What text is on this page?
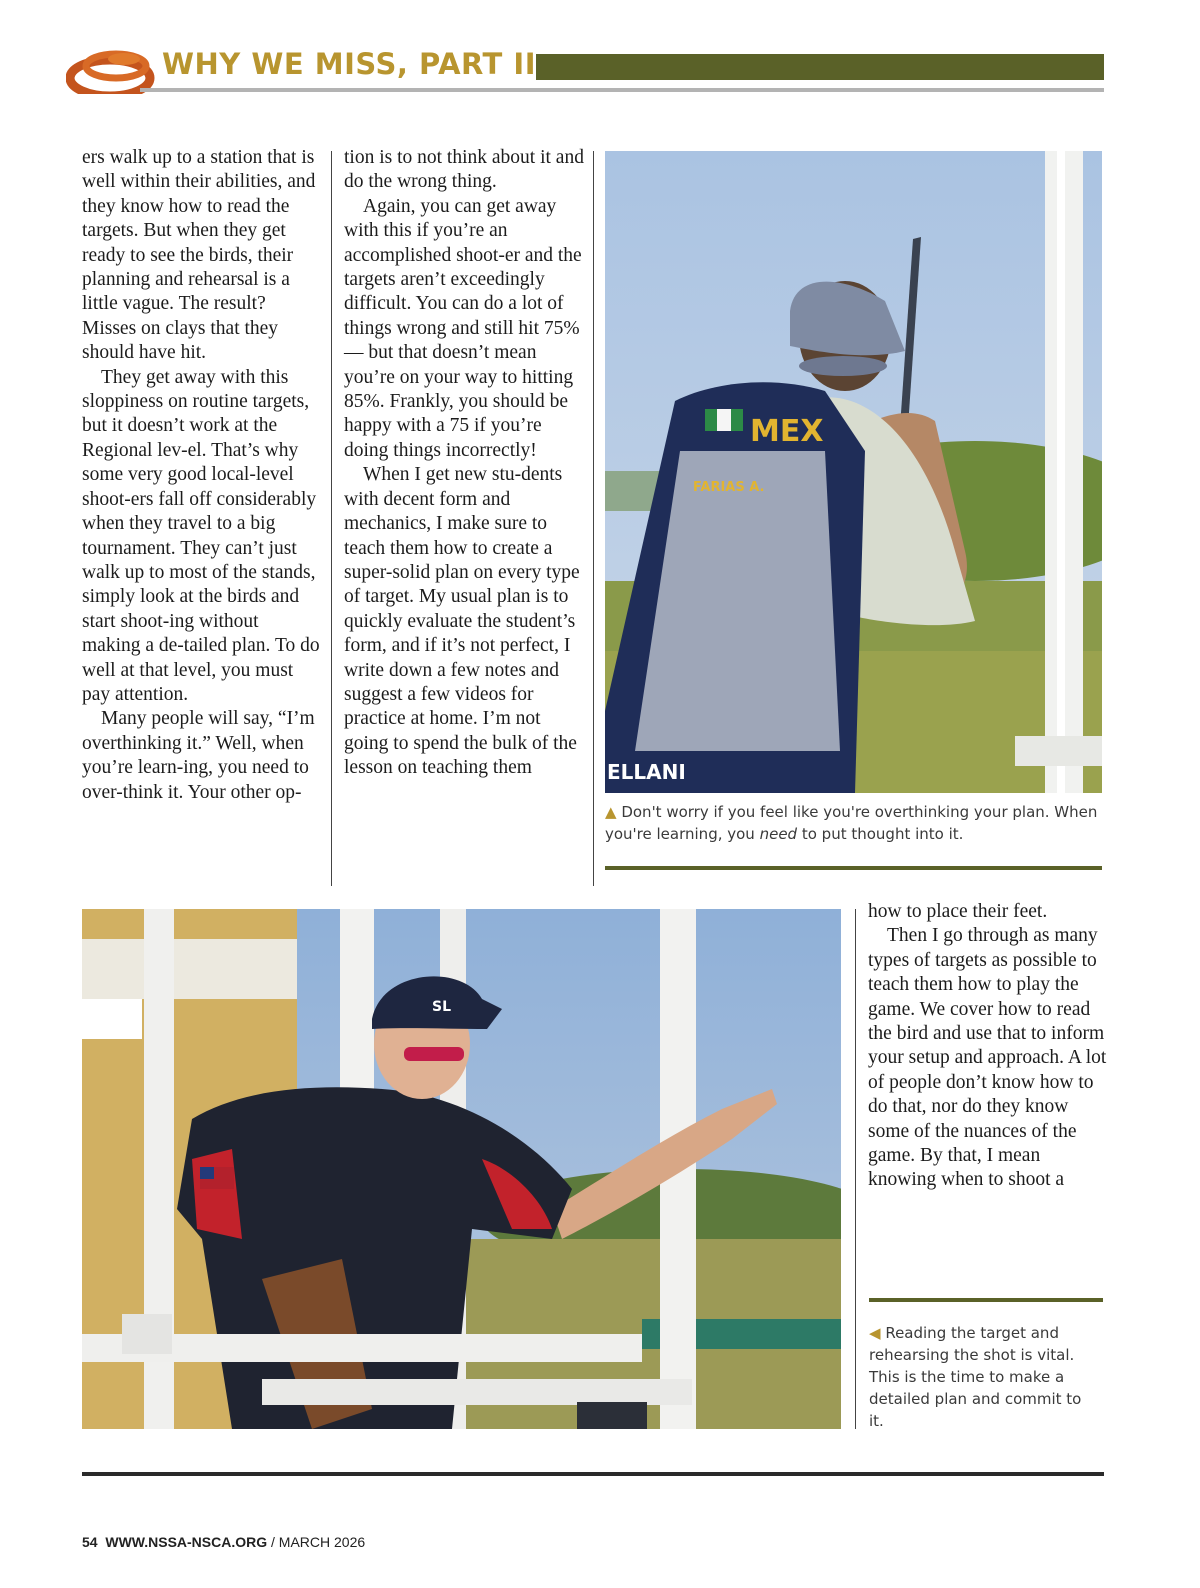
WHY WE MISS, PART II

ers walk up to a station that is well within their abilities, and they know how to read the targets. But when they get ready to see the birds, their planning and rehearsal is a little vague. The result? Misses on clays that they should have hit.

They get away with this sloppiness on routine targets, but it doesn’t work at the Regional lev-el. That’s why some very good local-level shoot-ers fall off considerably when they travel to a big tournament. They can’t just walk up to most of the stands, simply look at the birds and start shoot-ing without making a de-tailed plan. To do well at that level, you must pay attention.

Many people will say, “I’m overthinking it.” Well, when you’re learn-ing, you need to over-think it. Your other op-

tion is to not think about it and do the wrong thing.

Again, you can get away with this if you’re an accomplished shoot-er and the targets aren’t exceedingly difficult. You can do a lot of things wrong and still hit 75% — but that doesn’t mean you’re on your way to hitting 85%. Frankly, you should be happy with a 75 if you’re doing things incorrectly!

When I get new stu-dents with decent form and mechanics, I make sure to teach them how to create a super-solid plan on every type of target. My usual plan is to quickly evaluate the student’s form, and if it’s not perfect, I write down a few notes and suggest a few videos for practice at home. I’m not going to spend the bulk of the lesson on teaching them

MEX
FARIAS A.
ELLANI
▲ Don't worry if you feel like you're overthinking your plan. When you're learning, you need to put thought into it.
SL

how to place their feet.

Then I go through as many types of targets as possible to teach them how to play the game. We cover how to read the bird and use that to inform your setup and approach. A lot of people don’t know how to do that, nor do they know some of the nuances of the game. By that, I mean knowing when to shoot a

◀ Reading the target and rehearsing the shot is vital. This is the time to make a detailed plan and commit to it.
54 WWW.NSSA-NSCA.ORG / MARCH 2026
